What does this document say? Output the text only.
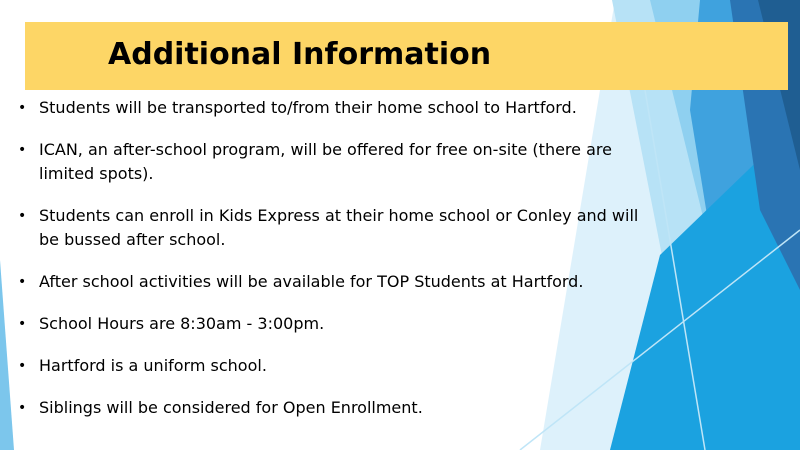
Additional Information
• Students will be transported to/from their home school to Hartford.
• ICAN, an after-school program, will be offered for free on-site (there are limited spots).
• Students can enroll in Kids Express at their home school or Conley and will be bussed after school.
• After school activities will be available for TOP Students at Hartford.
• School Hours are 8:30am - 3:00pm.
• Hartford is a uniform school.
• Siblings will be considered for Open Enrollment.
